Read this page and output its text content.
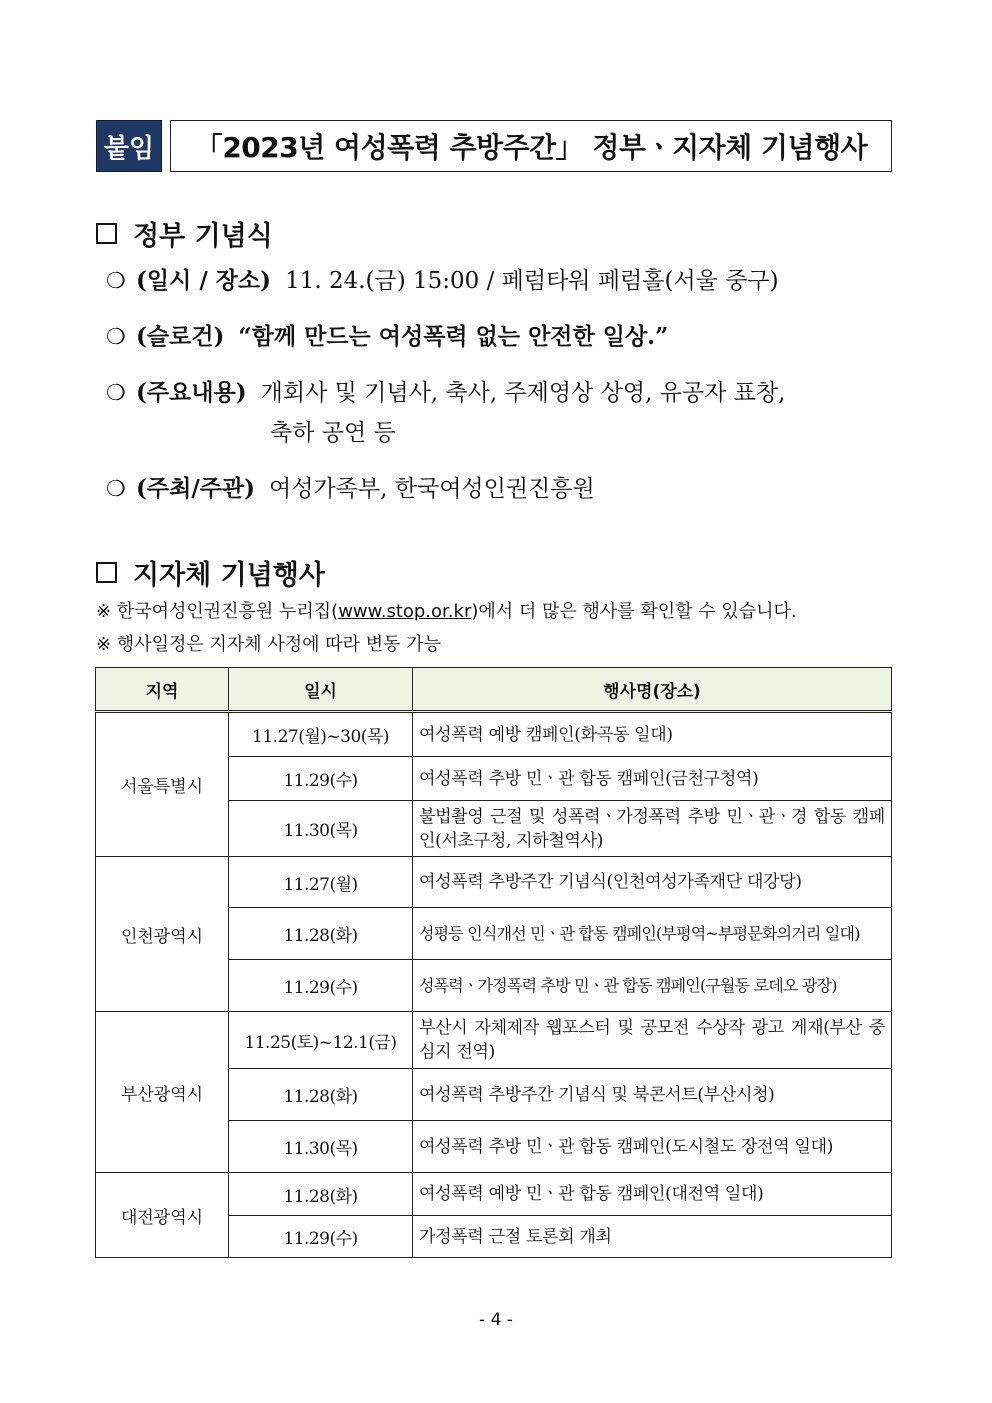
붙임	「2023년 여성폭력 추방주간」 정부ㆍ지자체 기념행사
정부 기념식
❍ (일시 / 장소) 11. 24.(금) 15:00 / 페럼타워 페럼홀(서울 중구)
❍ (슬로건) “함께 만드는 여성폭력 없는 안전한 일상.”
❍ (주요내용) 개회사 및 기념사, 축사, 주제영상 상영, 유공자 표창,
축하 공연 등
❍ (주최/주관) 여성가족부, 한국여성인권진흥원
지자체 기념행사
※ 한국여성인권진흥원 누리집(www.stop.or.kr)에서 더 많은 행사를 확인할 수 있습니다.
※ 행사일정은 지자체 사정에 따라 변동 가능
지역	일시	행사명(장소)
서울특별시	11.27(월)~30(목)	여성폭력 예방 캠페인(화곡동 일대)
	11.29(수)	여성폭력 추방 민ㆍ관 합동 캠페인(금천구청역)
	11.30(목)	불법촬영 근절 및 성폭력ㆍ가정폭력 추방 민ㆍ관ㆍ경 합동 캠페인(서초구청, 지하철역사)
인천광역시	11.27(월)	여성폭력 추방주간 기념식(인천여성가족재단 대강당)
	11.28(화)	성평등 인식개선 민ㆍ관 합동 캠페인(부평역~부평문화의거리 일대)
	11.29(수)	성폭력ㆍ가정폭력 추방 민ㆍ관 합동 캠페인(구월동 로데오 광장)
부산광역시	11.25(토)~12.1(금)	부산시 자체제작 웹포스터 및 공모전 수상작 광고 게재(부산 중심지 전역)
	11.28(화)	여성폭력 추방주간 기념식 및 북콘서트(부산시청)
	11.30(목)	여성폭력 추방 민ㆍ관 합동 캠페인(도시철도 장전역 일대)
대전광역시	11.28(화)	여성폭력 예방 민ㆍ관 합동 캠페인(대전역 일대)
	11.29(수)	가정폭력 근절 토론회 개최
- 4 -
